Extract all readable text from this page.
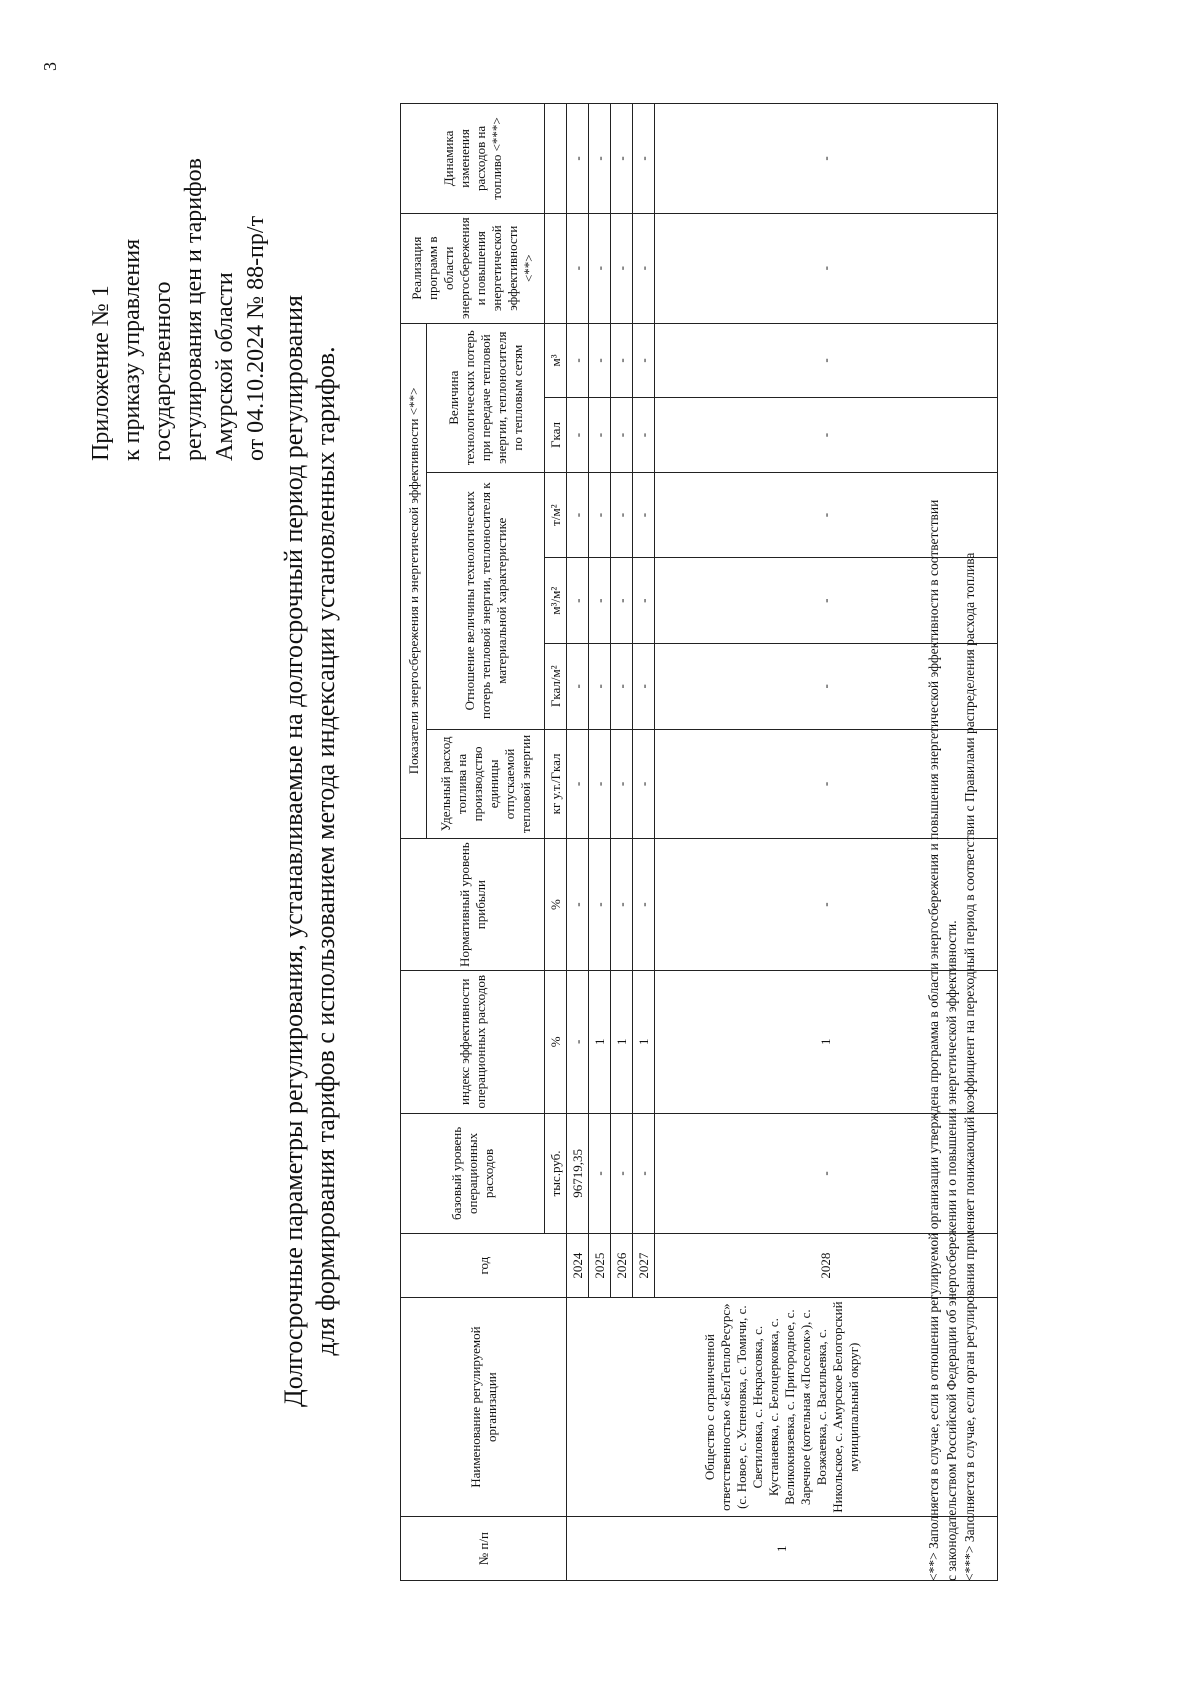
3
Приложение № 1 к приказу управления государственного регулирования цен и тарифов Амурской области от 04.10.2024 № 88-пр/т Долгосрочные параметры регулирования, устанавливаемые на долгосрочный период регулирования для формирования тарифов с использованием метода индексации установленных тарифов.
№ п/п	Наименование регулируемой организации	год	базовый уровень операционных расходов	индекс эффективности операционных расходов	Нормативный уровень прибыли	Показатели энергосбережения и энергетической эффективности <**>						Реализация программ в области энергосбережения и повышения энергетической эффективности <**>	Динамика изменения расходов на топливо <***>
						Удельный расход топлива на производство единицы отпускаемой тепловой энергии	Отношение величины технологических потерь тепловой энергии, теплоносителя к материальной характеристике			Величина технологических потерь при передаче тепловой энергии, теплоносителя по тепловым сетям			
			тыс.руб.	%	%	кг у.т./Гкал	Гкал/м²	м³/м²	т/м²	Гкал	м³		
1	Общество с ограниченной ответственностью «БелТеплоРесурс» (с. Новое, с. Успеновка, с. Томичи, с. Светиловка, с. Некрасовка, с. Кустанаевка, с. Белоцерковка, с. Великокнязевка, с. Пригородное, с. Заречное (котельная «Поселок»), с. Возжаевка, с. Васильевка, с. Никольское, с. Амурское Белогорский муниципальный округ)	2024	96719,35	-	-	-	-	-	-	-	-	-	-
		2025	-	1	-	-	-	-	-	-	-	-	-
		2026	-	1	-	-	-	-	-	-	-	-	-
		2027	-	1	-	-	-	-	-	-	-	-	-
		2028	-	1	-	-	-	-	-	-	-	-	-
<**> Заполняется в случае, если в отношении регулируемой организации утверждена программа в области энергосбережения и повышения энергетической эффективности в соответствии с законодательством Российской Федерации об энергосбережении и о повышении энергетической эффективности. <***> Заполняется в случае, если орган регулирования применяет понижающий коэффициент на переходный период в соответствии с Правилами распределения расхода топлива
